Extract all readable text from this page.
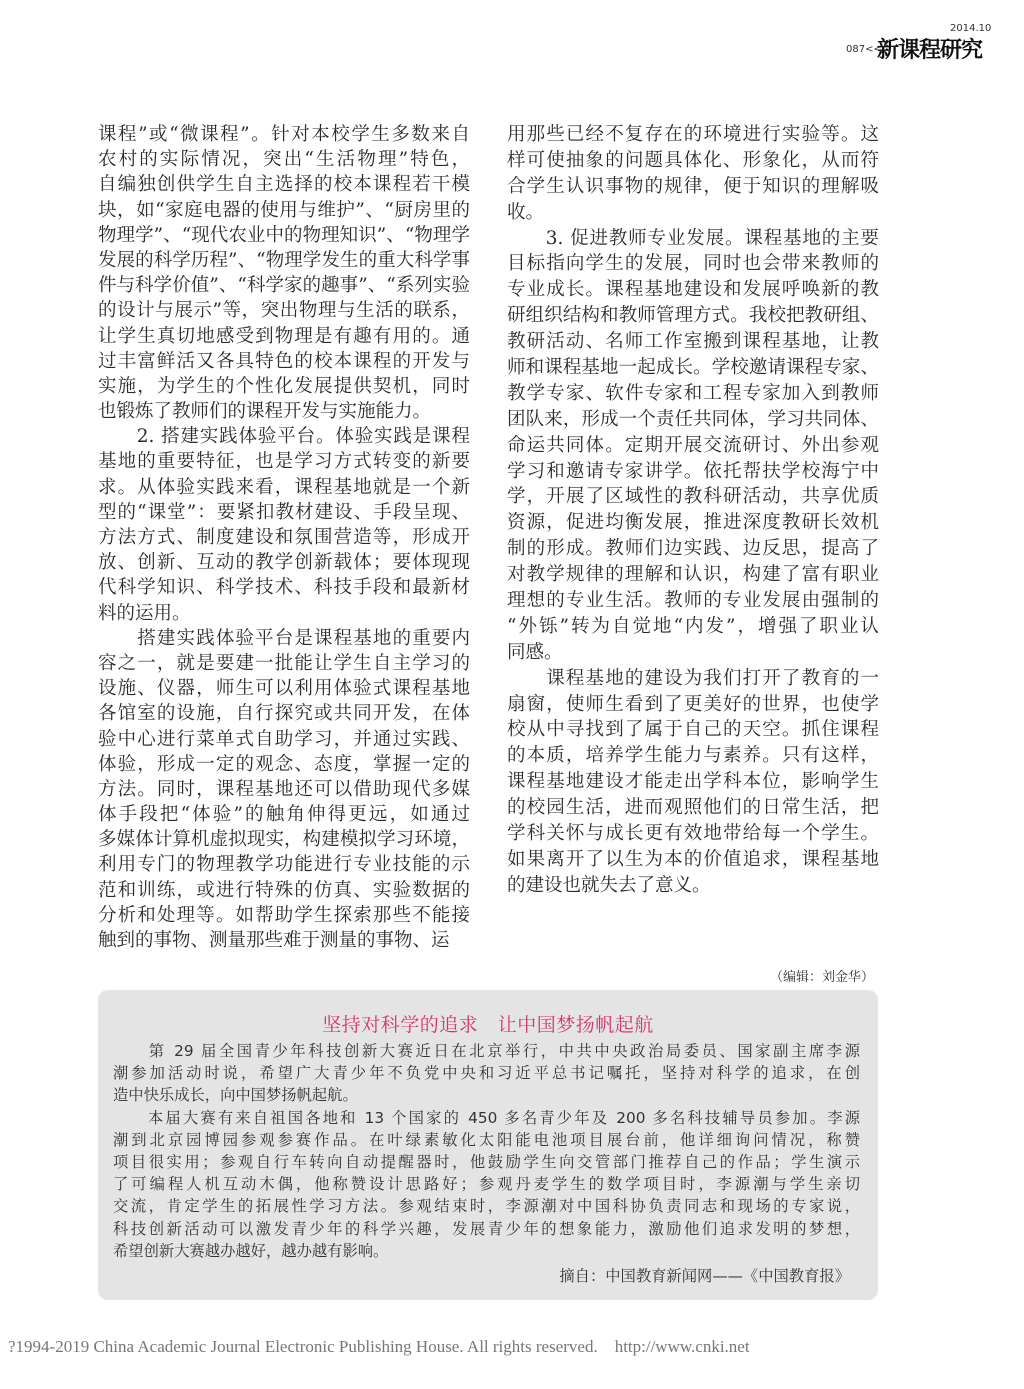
2014.10
087<<
新课程研究
课程”或“微课程”。针对本校学生多数来自
农村的实际情况，突出“生活物理”特色，
自编独创供学生自主选择的校本课程若干模
块，如“家庭电器的使用与维护”、“厨房里的
物理学”、“现代农业中的物理知识”、“物理学
发展的科学历程”、“物理学发生的重大科学事
件与科学价值”、“科学家的趣事”、“系列实验
的设计与展示”等，突出物理与生活的联系，
让学生真切地感受到物理是有趣有用的。通
过丰富鲜活又各具特色的校本课程的开发与
实施，为学生的个性化发展提供契机，同时
也锻炼了教师们的课程开发与实施能力。
　　2. 搭建实践体验平台。体验实践是课程
基地的重要特征，也是学习方式转变的新要
求。从体验实践来看，课程基地就是一个新
型的“课堂”：要紧扣教材建设、手段呈现、
方法方式、制度建设和氛围营造等，形成开
放、创新、互动的教学创新载体；要体现现
代科学知识、科学技术、科技手段和最新材
料的运用。
　　搭建实践体验平台是课程基地的重要内
容之一，就是要建一批能让学生自主学习的
设施、仪器，师生可以利用体验式课程基地
各馆室的设施，自行探究或共同开发，在体
验中心进行菜单式自助学习，并通过实践、
体验，形成一定的观念、态度，掌握一定的
方法。同时，课程基地还可以借助现代多媒
体手段把“体验”的触角伸得更远，如通过
多媒体计算机虚拟现实，构建模拟学习环境，
利用专门的物理教学功能进行专业技能的示
范和训练，或进行特殊的仿真、实验数据的
分析和处理等。如帮助学生探索那些不能接
触到的事物、测量那些难于测量的事物、运
用那些已经不复存在的环境进行实验等。这
样可使抽象的问题具体化、形象化，从而符
合学生认识事物的规律，便于知识的理解吸
收。
　　3. 促进教师专业发展。课程基地的主要
目标指向学生的发展，同时也会带来教师的
专业成长。课程基地建设和发展呼唤新的教
研组织结构和教师管理方式。我校把教研组、
教研活动、名师工作室搬到课程基地，让教
师和课程基地一起成长。学校邀请课程专家、
教学专家、软件专家和工程专家加入到教师
团队来，形成一个责任共同体，学习共同体、
命运共同体。定期开展交流研讨、外出参观
学习和邀请专家讲学。依托帮扶学校海宁中
学，开展了区域性的教科研活动，共享优质
资源，促进均衡发展，推进深度教研长效机
制的形成。教师们边实践、边反思，提高了
对教学规律的理解和认识，构建了富有职业
理想的专业生活。教师的专业发展由强制的
“外铄”转为自觉地“内发”，增强了职业认
同感。
　　课程基地的建设为我们打开了教育的一
扇窗，使师生看到了更美好的世界，也使学
校从中寻找到了属于自己的天空。抓住课程
的本质，培养学生能力与素养。只有这样，
课程基地建设才能走出学科本位，影响学生
的校园生活，进而观照他们的日常生活，把
学科关怀与成长更有效地带给每一个学生。
如果离开了以生为本的价值追求，课程基地
的建设也就失去了意义。
（编辑：刘金华）
坚持对科学的追求　让中国梦扬帆起航
　　第 29 届全国青少年科技创新大赛近日在北京举行，中共中央政治局委员、国家副主席李源
潮参加活动时说，希望广大青少年不负党中央和习近平总书记嘱托，坚持对科学的追求，在创
造中快乐成长，向中国梦扬帆起航。
　　本届大赛有来自祖国各地和 13 个国家的 450 多名青少年及 200 多名科技辅导员参加。李源
潮到北京园博园参观参赛作品。在叶绿素敏化太阳能电池项目展台前，他详细询问情况，称赞
项目很实用；参观自行车转向自动提醒器时，他鼓励学生向交管部门推荐自己的作品；学生演示
了可编程人机互动木偶，他称赞设计思路好；参观丹麦学生的数学项目时，李源潮与学生亲切
交流，肯定学生的拓展性学习方法。参观结束时，李源潮对中国科协负责同志和现场的专家说，
科技创新活动可以激发青少年的科学兴趣，发展青少年的想象能力，激励他们追求发明的梦想，
希望创新大赛越办越好，越办越有影响。
摘自：中国教育新闻网——《中国教育报》
?1994-2019 China Academic Journal Electronic Publishing House. All rights reserved.    http://www.cnki.net
